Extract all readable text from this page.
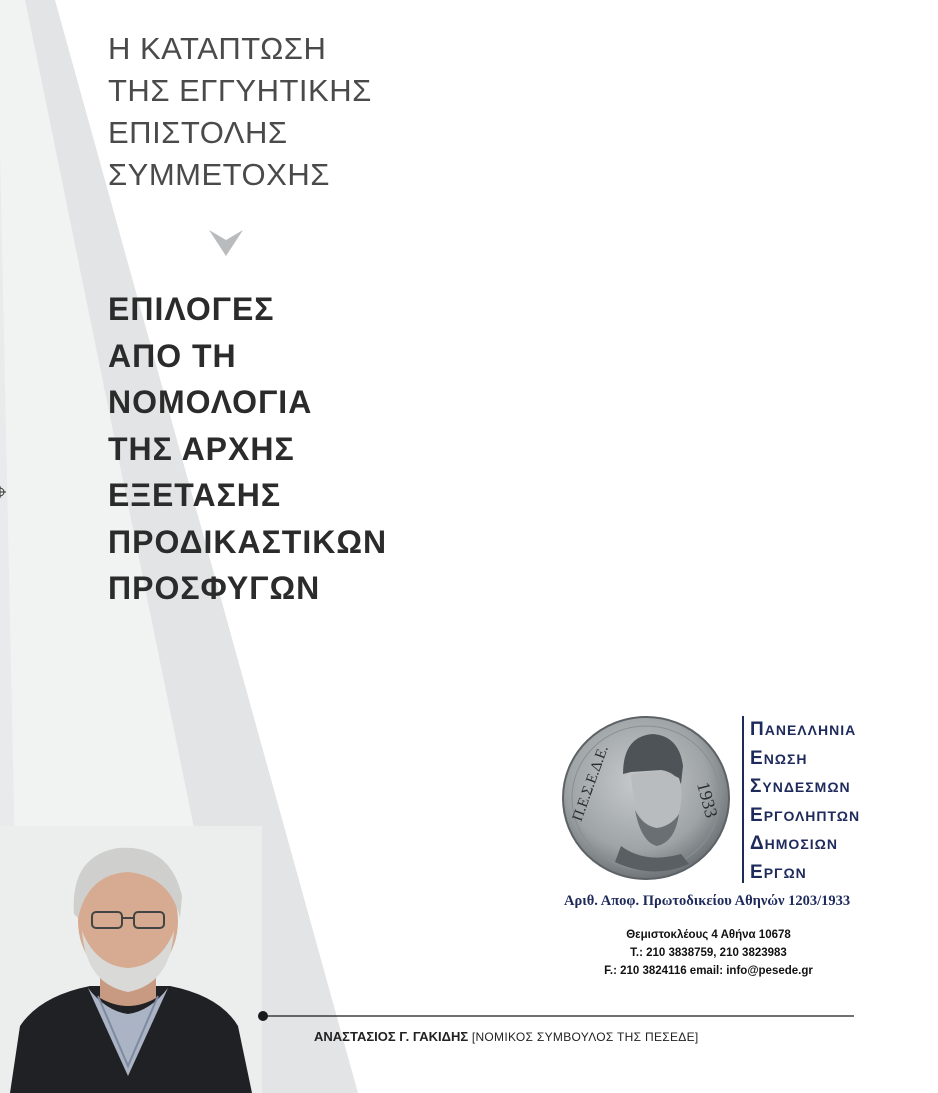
Η ΚΑΤΑΠΤΩΣΗ
ΤΗΣ ΕΓΓΥΗΤΙΚΗΣ
ΕΠΙΣΤΟΛΗΣ
ΣΥΜΜΕΤΟΧΗΣ
ΕΠΙΛΟΓΕΣ
ΑΠΟ ΤΗ
ΝΟΜΟΛΟΓΙΑ
ΤΗΣ ΑΡΧΗΣ
ΕΞΕΤΑΣΗΣ
ΠΡΟΔΙΚΑΣΤΙΚΩΝ
ΠΡΟΣΦΥΓΩΝ
Π.Ε.Σ.Ε.Δ.Ε.	1933
ΠΑΝΕΛΛΗΝΙΑ
ΕΝΩΣΗ
ΣΥΝΔΕΣΜΩΝ
ΕΡΓΟΛΗΠΤΩΝ
ΔΗΜΟΣΙΩΝ
ΕΡΓΩΝ
Αριθ. Αποφ. Πρωτοδικείου Αθηνών 1203/1933
Θεμιστοκλέους 4 Αθήνα 10678
Τ.: 210 3838759, 210 3823983
F.: 210 3824116 email: info@pesede.gr
ΑΝΑΣΤΑΣΙΟΣ Γ. ΓΑΚΙΔΗΣ [ΝΟΜΙΚΟΣ ΣΥΜΒΟΥΛΟΣ ΤΗΣ ΠΕΣΕΔΕ]
